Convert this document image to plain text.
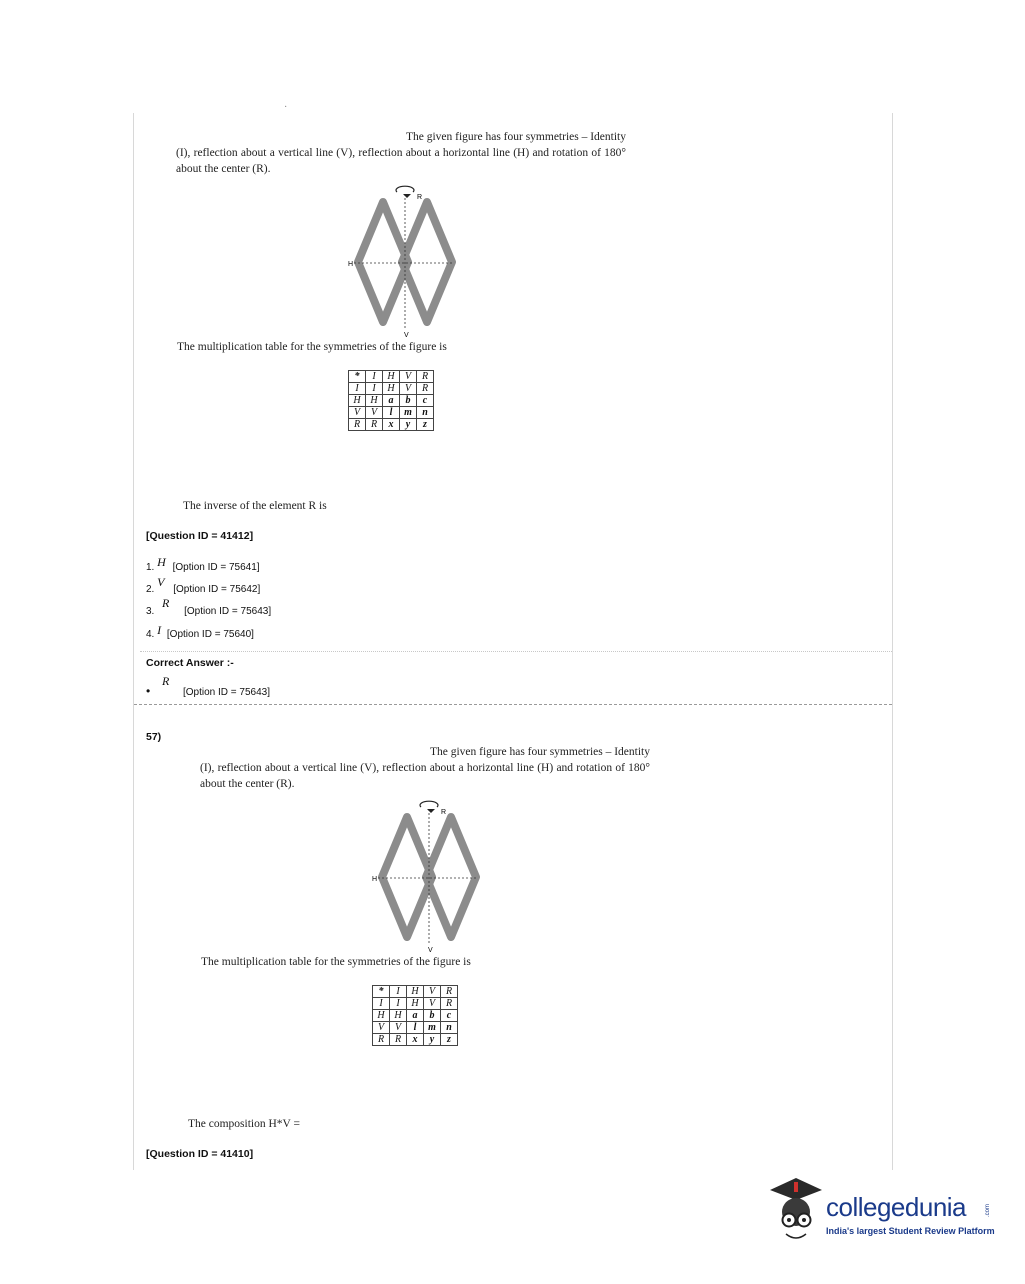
·

The given figure has four symmetries – Identity

(I), reflection about a vertical line (V), reflection about a horizontal line (H) and rotation of 180° about the center (R).

R
H
V
The multiplication table for the symmetries of the figure is
*	I	H	V	R
I	I	H	V	R
H	H	a	b	c
V	V	l	m	n
R	R	x	y	z
The inverse of the element R is
[Question ID = 41412]
1. H [Option ID = 75641]
2. V [Option ID = 75642]
3.
R
[Option ID = 75643]
4. I [Option ID = 75640]
Correct Answer :-
•
R
[Option ID = 75643]
57)

The given figure has four symmetries – Identity

(I), reflection about a vertical line (V), reflection about a horizontal line (H) and rotation of 180° about the center (R).

R
H
V
The multiplication table for the symmetries of the figure is
*	I	H	V	R
I	I	H	V	R
H	H	a	b	c
V	V	l	m	n
R	R	x	y	z
The composition H*V =
[Question ID = 41410]
collegedunia	.com
India's largest Student Review Platform
